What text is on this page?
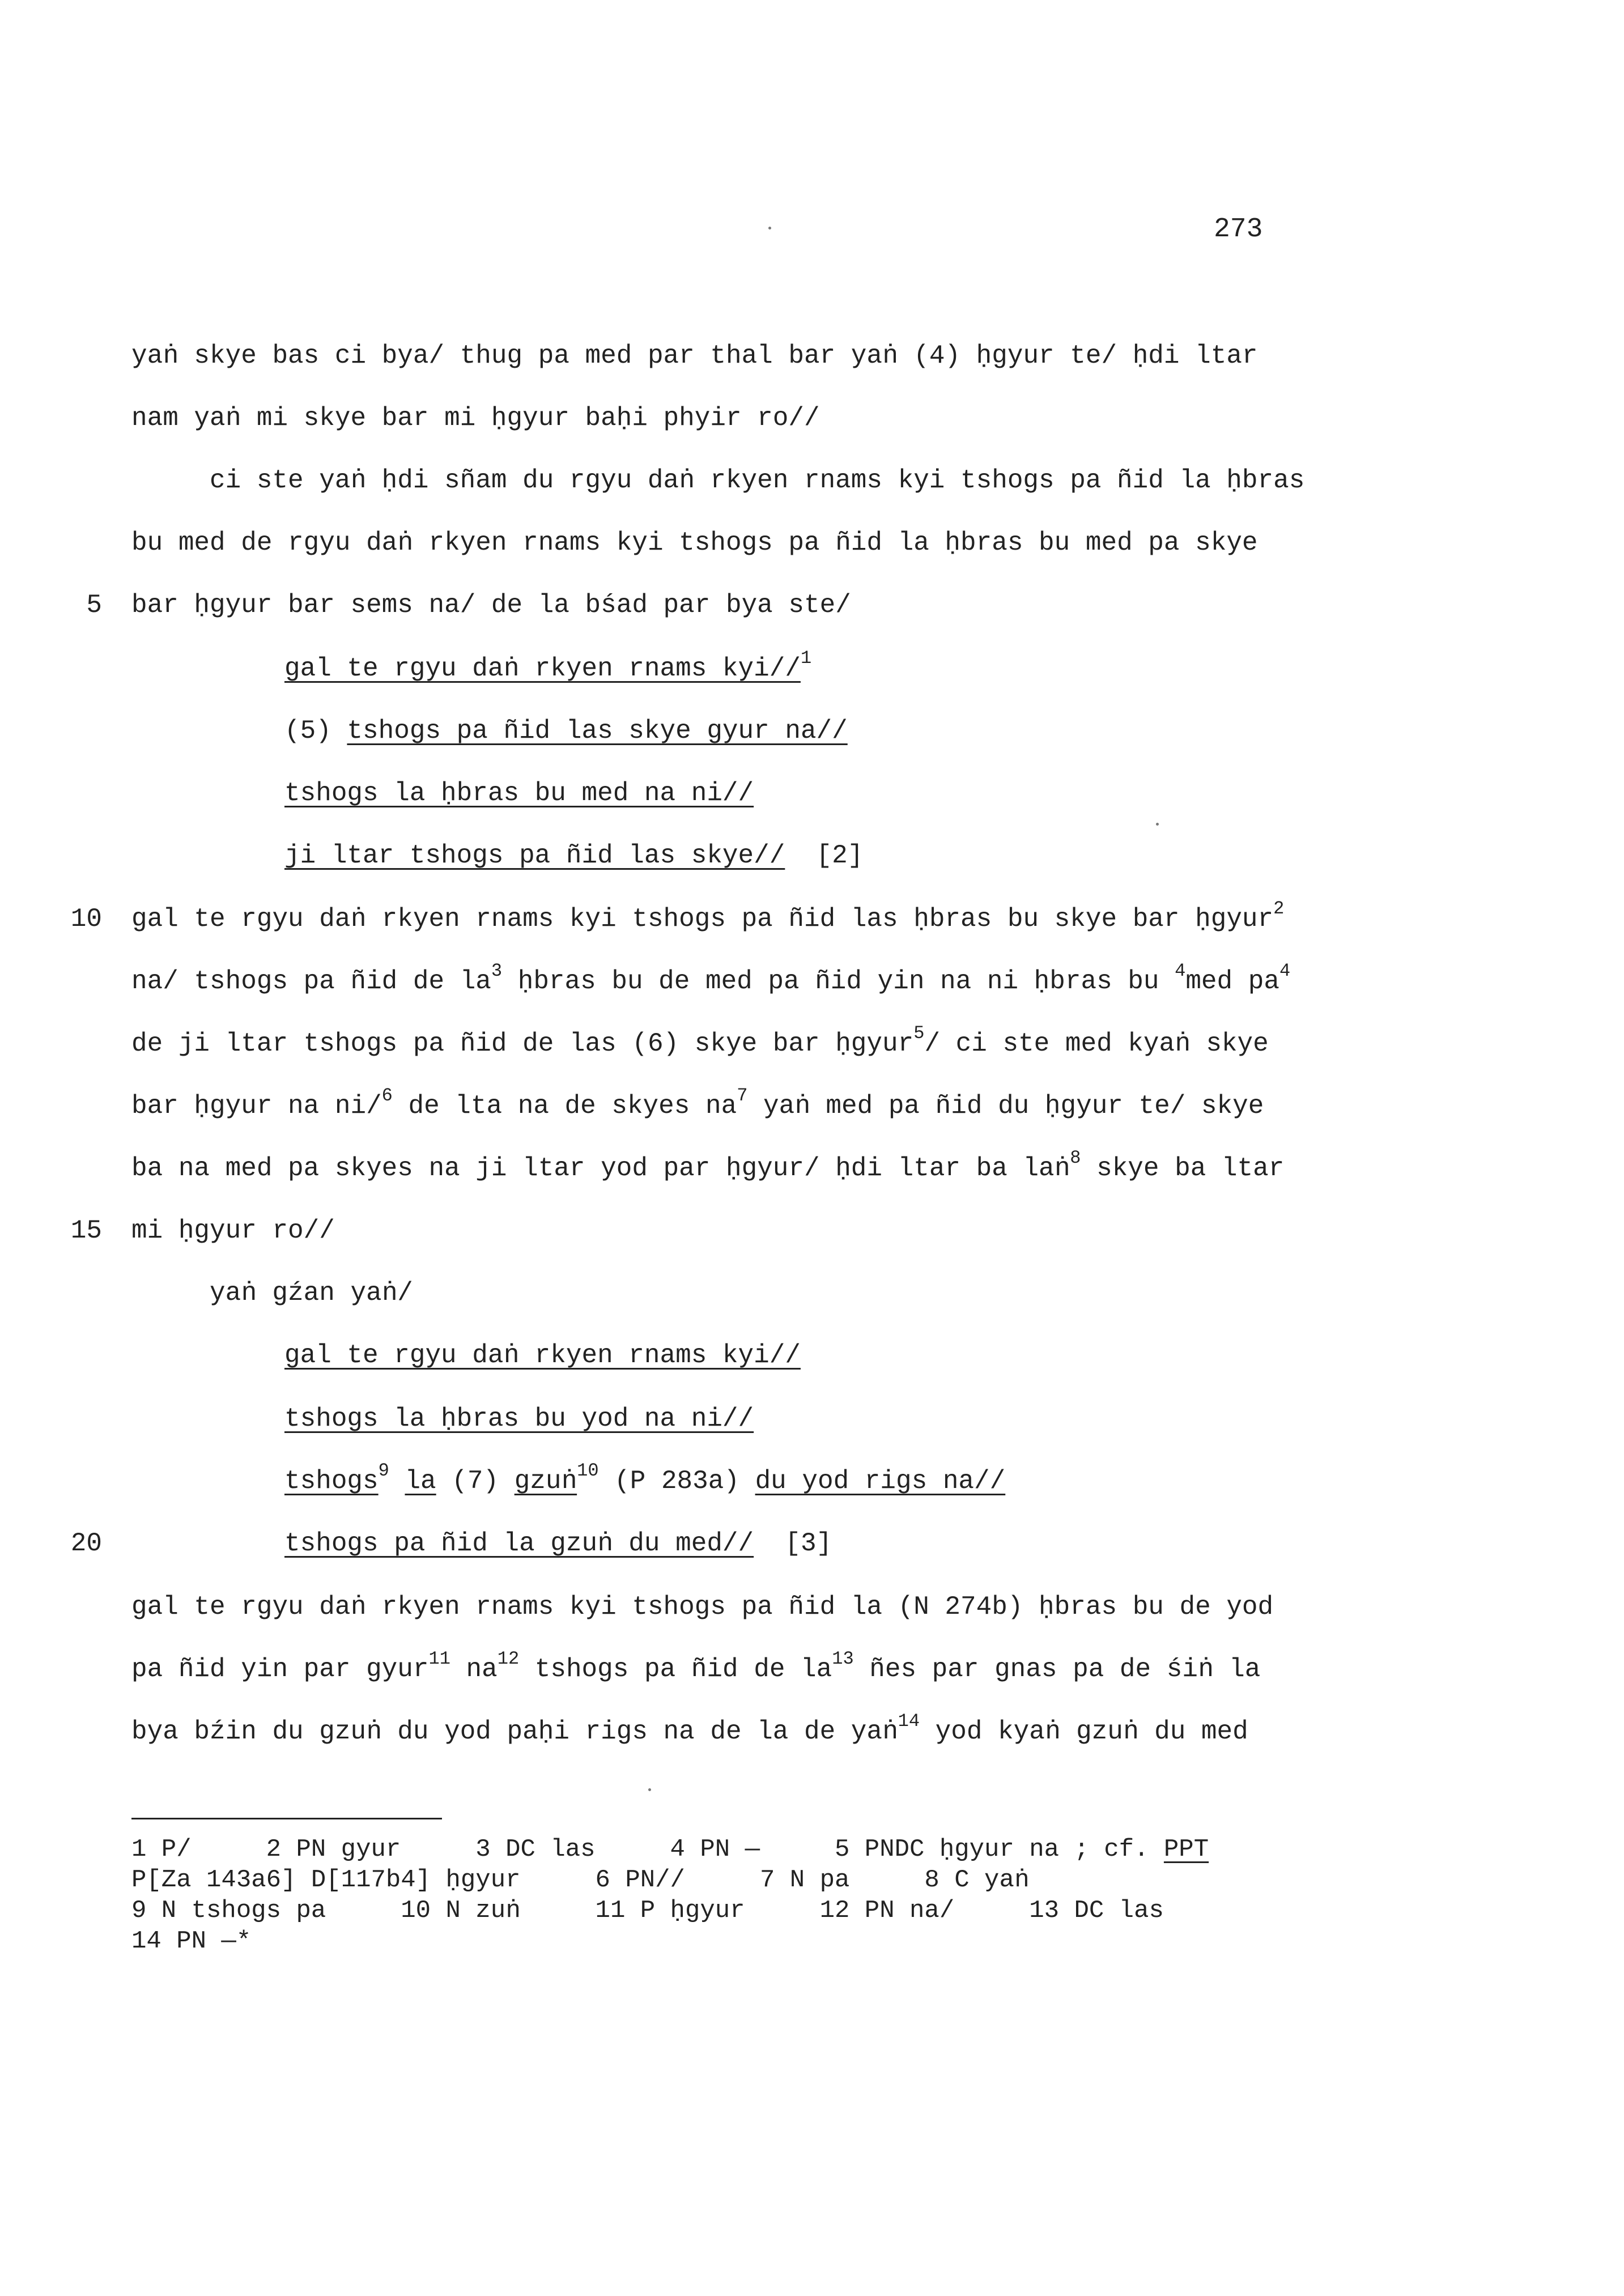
273
yaṅ skye bas ci bya/ thug pa med par thal bar yaṅ (4) ḥgyur te/ ḥdi ltar
nam yaṅ mi skye bar mi ḥgyur baḥi phyir ro//
ci ste yaṅ ḥdi sñam du rgyu daṅ rkyen rnams kyi tshogs pa ñid la ḥbras
bu med de rgyu daṅ rkyen rnams kyi tshogs pa ñid la ḥbras bu med pa skye
bar ḥgyur bar sems na/ de la bśad par bya ste/
gal te rgyu daṅ rkyen rnams kyi//$^1$
(5) tshogs pa ñid las skye gyur na//
tshogs la ḥbras bu med na ni//
ji ltar tshogs pa ñid las skye//  [2]
gal te rgyu daṅ rkyen rnams kyi tshogs pa ñid las ḥbras bu skye bar ḥgyur$^2$
na/ tshogs pa ñid de $la^3$ ḥbras bu de med pa ñid yin na ni ḥbras bu $^4$med $pa^4$
de ji ltar tshogs pa ñid de las (6) skye bar ḥgyur$^5$/ ci ste med kyaṅ skye
bar ḥgyur na ni/$^6$ de lta na de skyes $na^7$ yaṅ med pa ñid du ḥgyur te/ skye
ba na med pa skyes na ji ltar yod par ḥgyur/ ḥdi ltar ba laṅ$^8$ skye ba ltar
mi ḥgyur ro//
yaṅ gźan yaṅ/
gal te rgyu daṅ rkyen rnams kyi//
tshogs la ḥbras bu yod na ni//
tshogs$^9$ la (7) gzuṅ$^{10}$ (P 283a) du yod rigs na//
tshogs pa ñid la gzuṅ du med//  [3]
gal te rgyu daṅ rkyen rnams kyi tshogs pa ñid la (N 274b) ḥbras bu de yod
pa ñid yin par gyur$^{11}$ $na^{12}$ tshogs pa ñid de $la^{13}$ ñes par gnas pa de śiṅ la
bya bźin du gzuṅ du yod paḥi rigs na de la de yaṅ$^{14}$ yod kyaṅ gzuṅ du med
1 P/     2 PN gyur     3 DC las     4 PN —     5 PNDC ḥgyur na ; cf. PPT
P[Za 143a6] D[117b4] ḥgyur     6 PN//     7 N pa     8 C yaṅ
9 N tshogs pa     10 N zuṅ     11 P ḥgyur     12 PN na/     13 DC las
14 PN —*
5
10
15
20
